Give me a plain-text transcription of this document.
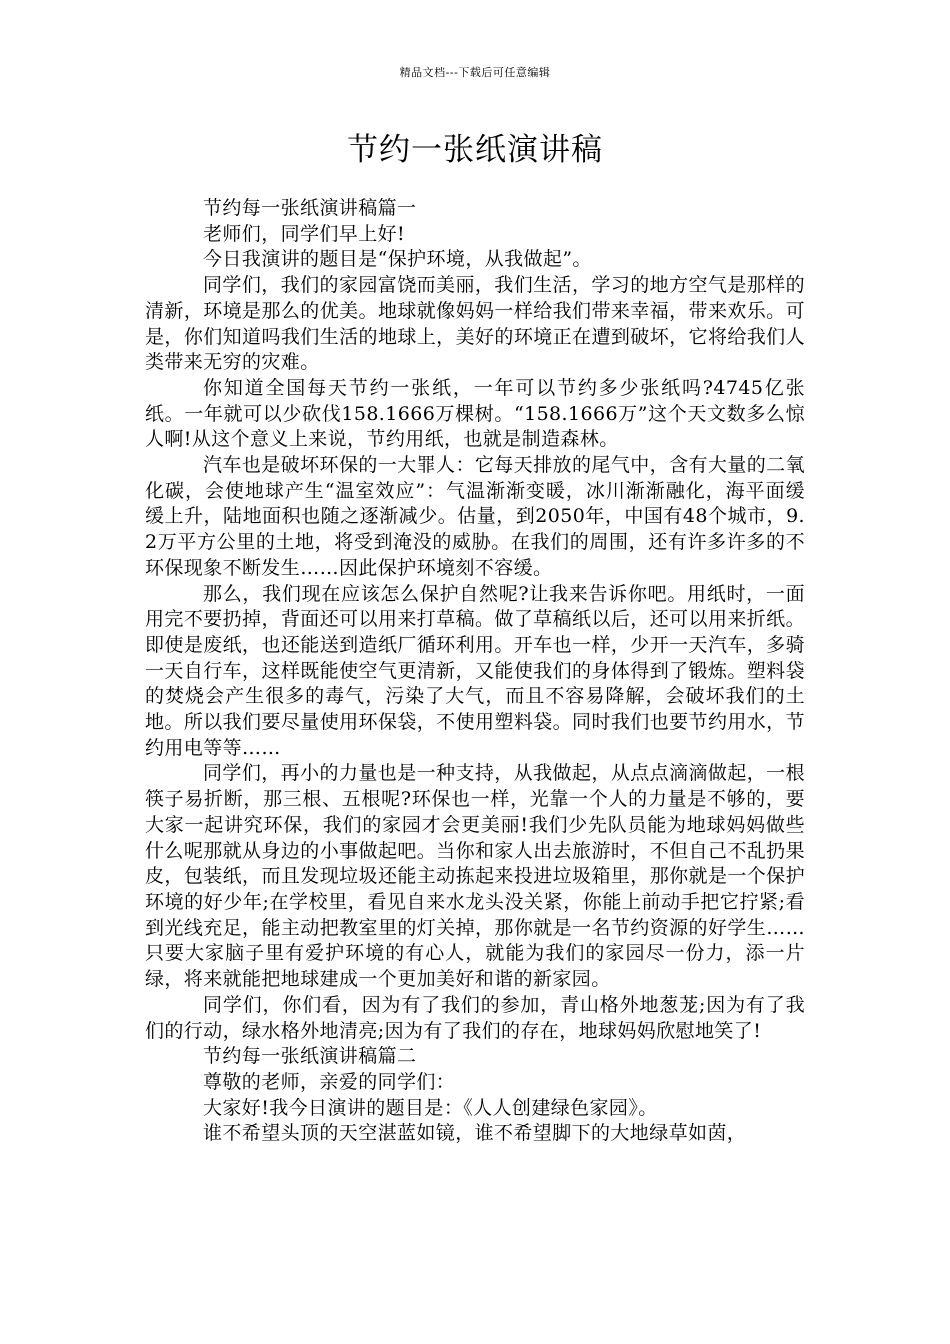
精品文档---下载后可任意编辑
节约一张纸演讲稿

节约每一张纸演讲稿篇一

老师们，同学们早上好!

今日我演讲的题目是“保护环境，从我做起”。

同学们，我们的家园富饶而美丽，我们生活，学习的地方空气是那样的清新，环境是那么的优美。地球就像妈妈一样给我们带来幸福，带来欢乐。可是，你们知道吗我们生活的地球上，美好的环境正在遭到破坏，它将给我们人类带来无穷的灾难。

你知道全国每天节约一张纸，一年可以节约多少张纸吗?4745亿张纸。一年就可以少砍伐158.1666万棵树。“158.1666万”这个天文数多么惊人啊!从这个意义上来说，节约用纸，也就是制造森林。

汽车也是破坏环保的一大罪人：它每天排放的尾气中，含有大量的二氧化碳，会使地球产生“温室效应”：气温渐渐变暖，冰川渐渐融化，海平面缓缓上升，陆地面积也随之逐渐减少。估量，到2050年，中国有48个城市，9.2万平方公里的土地，将受到淹没的威胁。在我们的周围，还有许多许多的不环保现象不断发生……因此保护环境刻不容缓。

那么，我们现在应该怎么保护自然呢?让我来告诉你吧。用纸时，一面用完不要扔掉，背面还可以用来打草稿。做了草稿纸以后，还可以用来折纸。即使是废纸，也还能送到造纸厂循环利用。开车也一样，少开一天汽车，多骑一天自行车，这样既能使空气更清新，又能使我们的身体得到了锻炼。塑料袋的焚烧会产生很多的毒气，污染了大气，而且不容易降解，会破坏我们的土地。所以我们要尽量使用环保袋，不使用塑料袋。同时我们也要节约用水，节约用电等等……

同学们，再小的力量也是一种支持，从我做起，从点点滴滴做起，一根筷子易折断，那三根、五根呢?环保也一样，光靠一个人的力量是不够的，要大家一起讲究环保，我们的家园才会更美丽!我们少先队员能为地球妈妈做些什么呢那就从身边的小事做起吧。当你和家人出去旅游时，不但自己不乱扔果皮，包装纸，而且发现垃圾还能主动拣起来投进垃圾箱里，那你就是一个保护环境的好少年;在学校里，看见自来水龙头没关紧，你能上前动手把它拧紧;看到光线充足，能主动把教室里的灯关掉，那你就是一名节约资源的好学生……只要大家脑子里有爱护环境的有心人，就能为我们的家园尽一份力，添一片绿，将来就能把地球建成一个更加美好和谐的新家园。

同学们，你们看，因为有了我们的参加，青山格外地葱茏;因为有了我们的行动，绿水格外地清亮;因为有了我们的存在，地球妈妈欣慰地笑了!

节约每一张纸演讲稿篇二

尊敬的老师，亲爱的同学们：

大家好!我今日演讲的题目是：《人人创建绿色家园》。

谁不希望头顶的天空湛蓝如镜，谁不希望脚下的大地绿草如茵，
